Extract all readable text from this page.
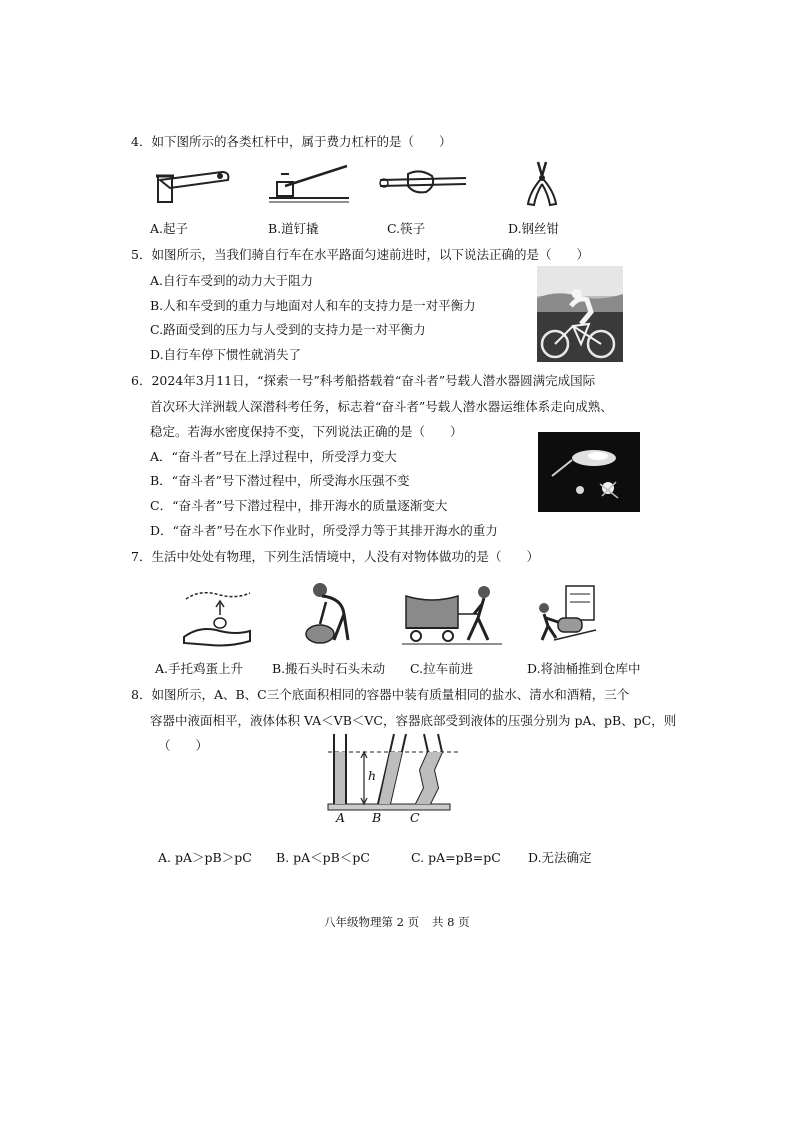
4．如下图所示的各类杠杆中，属于费力杠杆的是（　　）
A.起子	B.道钉撬	C.筷子	D.钢丝钳
5．如图所示，当我们骑自行车在水平路面匀速前进时，以下说法正确的是（　　）
A.自行车受到的动力大于阻力
B.人和车受到的重力与地面对人和车的支持力是一对平衡力
C.路面受到的压力与人受到的支持力是一对平衡力
D.自行车停下惯性就消失了
6．2024年3月11日，“探索一号”科考船搭载着“奋斗者”号载人潜水器圆满完成国际
首次环大洋洲载人深潜科考任务，标志着“奋斗者”号载人潜水器运维体系走向成熟、
稳定。若海水密度保持不变，下列说法正确的是（　　）
A．“奋斗者”号在上浮过程中，所受浮力变大
B．“奋斗者”号下潜过程中，所受海水压强不变
C．“奋斗者”号下潜过程中，排开海水的质量逐渐变大
D．“奋斗者”号在水下作业时，所受浮力等于其排开海水的重力
7．生活中处处有物理，下列生活情境中，人没有对物体做功的是（　　）
A.手托鸡蛋上升 B.搬石头时石头未动 C.拉车前进	D.将油桶推到仓库中
8．如图所示，A、B、C三个底面积相同的容器中装有质量相同的盐水、清水和酒精，三个
容器中液面相平，液体体积 VA＜VB＜VC，容器底部受到液体的压强分别为 pA、pB、pC，则
（　　）
h
A B C
A. pA＞pB＞pC B. pA＜pB＜pC	C. pA=pB=pC D.无法确定
八年级物理第 2 页 共 8 页
